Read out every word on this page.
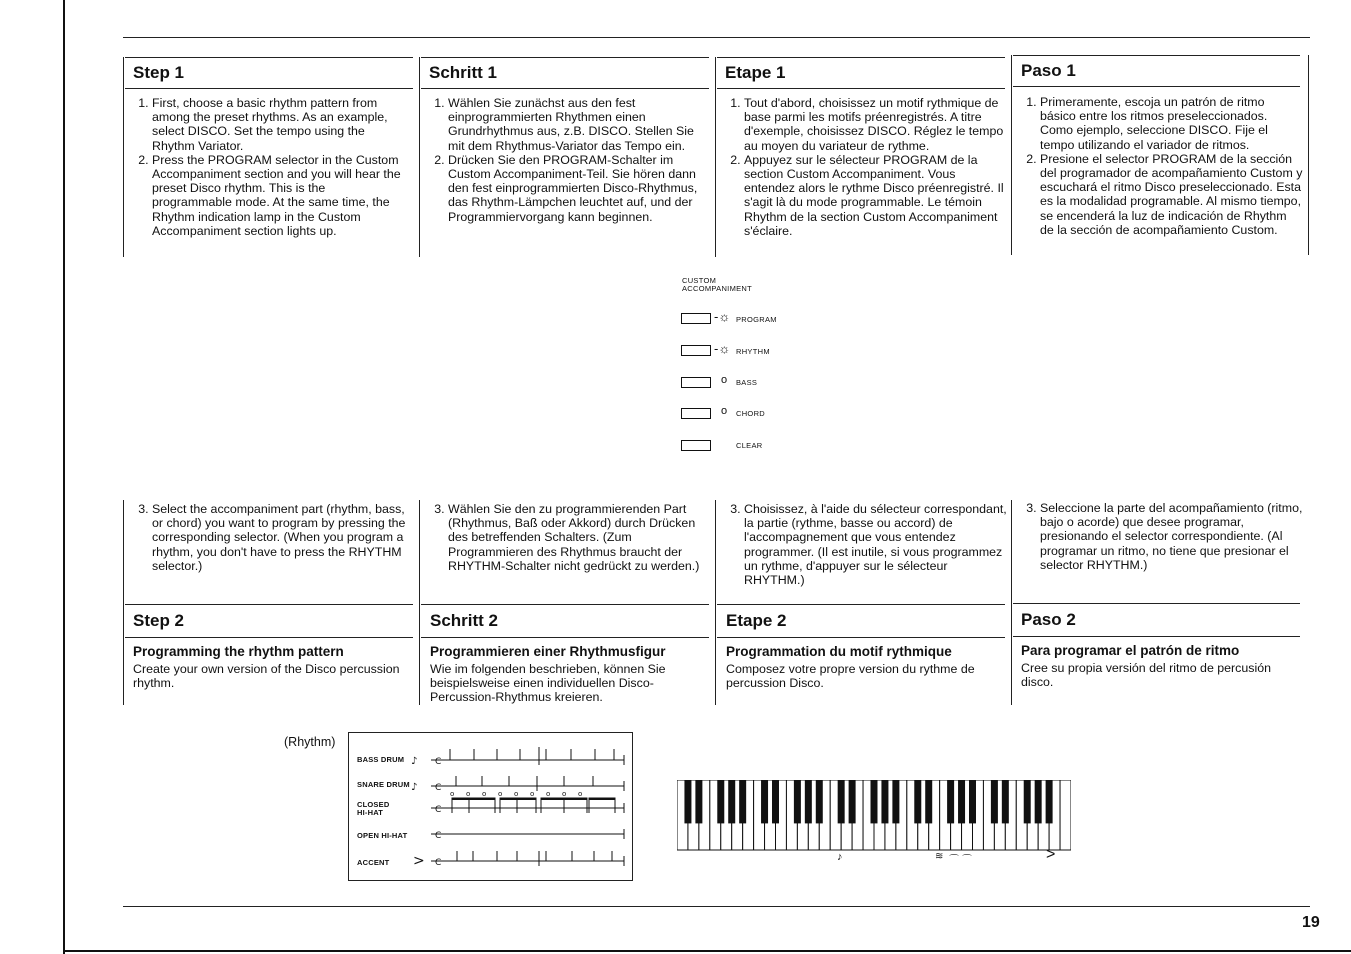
Step 1
1. First, choose a basic rhythm pattern from among the preset rhythms. As an example, select DISCO. Set the tempo using the Rhythm Variator.
2. Press the PROGRAM selector in the Custom Accompaniment section and you will hear the preset Disco rhythm. This is the programmable mode. At the same time, the Rhythm indication lamp in the Custom Accompaniment section lights up.
Schritt 1
1. Wählen Sie zunächst aus den fest einprogrammierten Rhythmen einen Grundrhythmus aus, z.B. DISCO. Stellen Sie mit dem Rhythmus-Variator das Tempo ein.
2. Drücken Sie den PROGRAM-Schalter im Custom Accompaniment-Teil. Sie hören dann den fest einprogrammierten Disco-Rhythmus, das Rhythm-Lämpchen leuchtet auf, und der Programmiervorgang kann beginnen.
Etape 1
1. Tout d'abord, choisissez un motif rythmique de base parmi les motifs préenregistrés. A titre d'exemple, choisissez DISCO. Réglez le tempo au moyen du variateur de rythme.
2. Appuyez sur le sélecteur PROGRAM de la section Custom Accompaniment. Vous entendez alors le rythme Disco préenregistré. Il s'agit là du mode programmable. Le témoin Rhythm de la section Custom Accompaniment s'éclaire.
Paso 1
1. Primeramente, escoja un patrón de ritmo básico entre los ritmos preseleccionados. Como ejemplo, seleccione DISCO. Fije el tempo utilizando el variador de ritmos.
2. Presione el selector PROGRAM de la sección del programador de acompañamiento Custom y escuchará el ritmo Disco preseleccionado. Esta es la modalidad programable. Al mismo tiempo, se encenderá la luz de indicación de Rhythm de la sección de acompañamiento Custom.
CUSTOM
ACCOMPANIMENT
-☼ PROGRAM
-☼ RHYTHM
o BASS
o CHORD
CLEAR
3. Select the accompaniment part (rhythm, bass, or chord) you want to program by pressing the corresponding selector. (When you program a rhythm, you don't have to press the RHYTHM selector.)
3. Wählen Sie den zu programmierenden Part (Rhythmus, Baß oder Akkord) durch Drücken des betreffenden Schalters. (Zum Programmieren des Rhythmus braucht der RHYTHM-Schalter nicht gedrückt zu werden.)
3. Choisissez, à l'aide du sélecteur correspondant, la partie (rythme, basse ou accord) de l'accompagnement que vous entendez programmer. (Il est inutile, si vous programmez un rythme, d'appuyer sur le sélecteur RHYTHM.)
3. Seleccione la parte del acompañamiento (ritmo, bajo o acorde) que desee programar, presionando el selector correspondiente. (Al programar un ritmo, no tiene que presionar el selector RHYTHM.)
Step 2
Programming the rhythm pattern
Create your own version of the Disco percussion rhythm.
Schritt 2
Programmieren einer Rhythmusfigur
Wie im folgenden beschrieben, können Sie beispielsweise einen individuellen Disco-Percussion-Rhythmus kreieren.
Etape 2
Programmation du motif rythmique
Composez votre propre version du rythme de percussion Disco.
Paso 2
Para programar el patrón de ritmo
Cree su propia versión del ritmo de percusión disco.
(Rhythm)
BASS DRUM
SNARE DRUM
CLOSED HI-HAT
OPEN HI-HAT
ACCENT
C
C
C
C
C
♪
♪
>
o o o o o o o o o
♪	≋ ⌒ ⌒	>
19
